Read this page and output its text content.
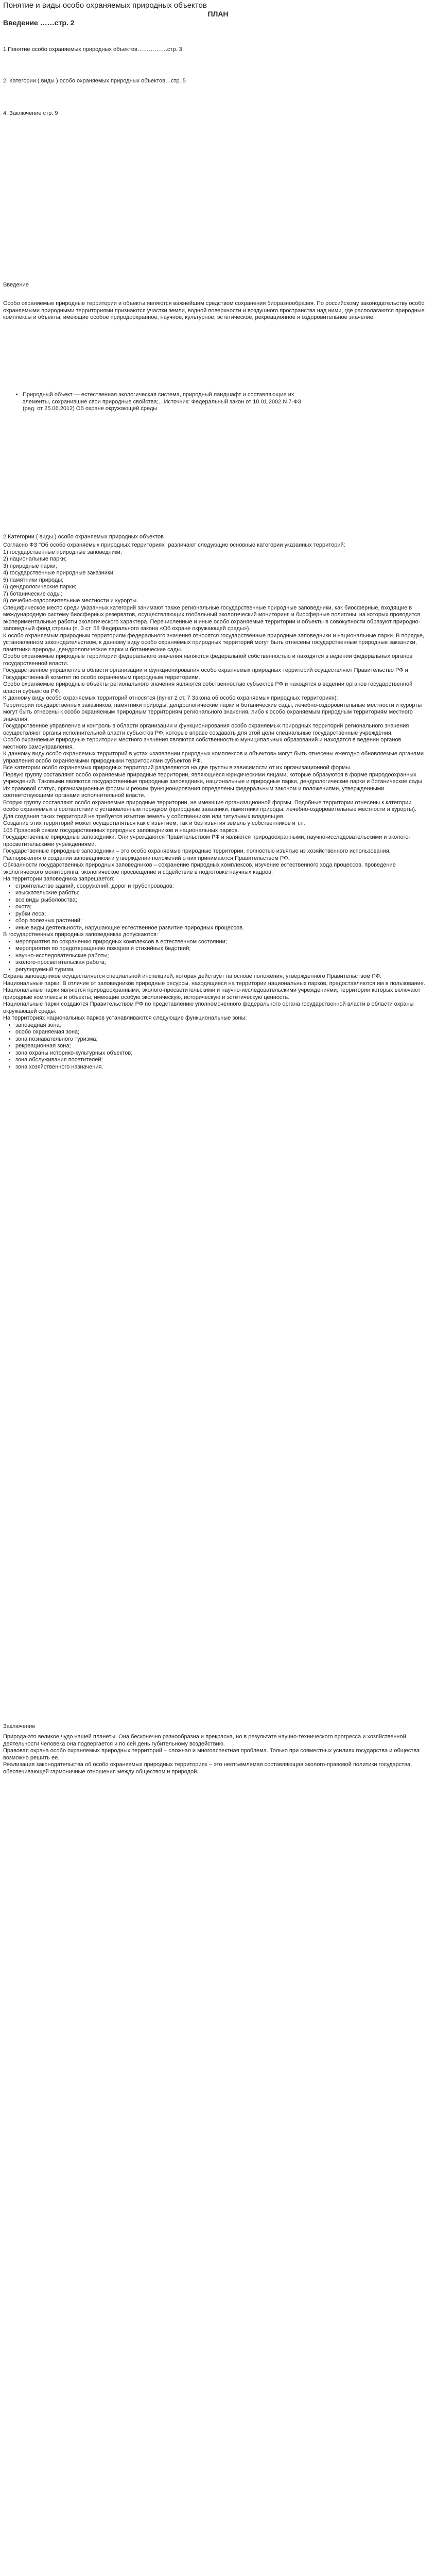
Понятие и виды особо охраняемых природных объектов
ПЛАН
Введение ……стр. 2
1.Понятие особо охраняемых природных объектов…………….стр. 3
2. Категории ( виды ) особо охраняемых природных объектов…стр. 5
4. Заключение стр. 9
Введение

Особо охраняемые природные территории и объекты являются важнейшим средством сохранения биоразнообразия. По российскому законодательству особо охраняемыми природными территориями признаются участки земли, водной поверхности и воздушного пространства над ними, где располагаются природные комплексы и объекты, имеющие особое природоохранное, научное, культурное, эстетическое, рекреационное и оздоровительное значение.

• Природный объект — естественная экологическая система, природный ландшафт и составляющие их элементы, сохранившие свои природные свойства;…Источник: Федеральный закон от 10.01.2002 N 7-ФЗ (ред. от 25.06.2012) Об охране окружающей среды
2.Категории ( виды ) особо охраняемых природных объектов

Согласно ФЗ "Об особо охраняемых природных территориях" различают следующие основные категории указанных территорий:

1) государственные природные заповедники;
2) национальные парки;
3) природные парки;
4) государственные природные заказники;
5) памятники природы;
6) дендрологические парки;
7) ботанические сады;
8) лечебно-оздоровительные местности и курорты.

Специфическое место среди указанных категорий занимают также региональные государственные природные заповедники, как биосферные, входящие в международную систему биосферных резерватов, осуществляющих глобальный экологический мониторинг, и биосферные полигоны, на которых проводится экспериментальные работы экологического характера. Перечисленные и иные особо охраняемые территории и объекты в совокупности образуют природно-заповедный фонд страны (п. 3 ст. 58 Федерального закона «Об охране окружающей среды»).

К особо охраняемым природным территориям федерального значения относятся государственные природные заповедники и национальные парки. В порядке, установленном законодательством, к данному виду особо охраняемых природных территорий могут быть отнесены государственные природные заказники, памятники природы, дендрологические парки и ботанические сады.

Особо охраняемые природные территории федерального значения являются федеральной собственностью и находятся в ведении федеральных органов государственной власти.

Государственное управление в области организации и функционирования особо охраняемых природных территорий осуществляют Правительство РФ и Государственный комитет по особо охраняемым природным территориям.

Особо охраняемые природные объекты регионального значения являются собственностью субъектов РФ и находятся в ведении органов государственной власти субъектов РФ.

К данному виду особо охраняемых территорий относятся (пункт 2 ст. 7 Закона об особо охраняемых природных территориях):

Территории государственных заказников, памятники природы, дендрологические парки и ботанические сады, лечебно-оздоровительные местности и курорты могут быть отнесены к особо охраняемым природным территориям регионального значения, либо к особо охраняемым природным территориям местного значения.

Государственное управление и контроль в области организации и функционирования особо охраняемых природных территорий регионального значения осуществляют органы исполнительной власти субъектов РФ, которые вправе создавать для этой цели специальные государственные учреждения.

Особо охраняемые природные территории местного значения являются собственностью муниципальных образований и находятся в ведении органов местного самоуправления.

К данному виду особо охраняемых территорий в устах «заявлении природных комплексов и объектов» могут быть отнесены ежегодно обновляемые органами управления особо охраняемыми природными территориями субъектов РФ.

Все категории особо охраняемых природных территорий разделяются на две группы в зависимости от их организационной формы.

Первую группу составляют особо охраняемые природные территории, являющиеся юридическими лицами, которые образуются в форме природоохранных учреждений. Таковыми являются государственные природные заповедники, национальные и природные парки, дендрологические парки и ботанические сады.

Их правовой статус, организационные формы и режим функционирования определены федеральным законом и положениями, утвержденными соответствующими органами исполнительной власти.

Вторую группу составляют особо охраняемые природные территории, не имеющие организационной формы. Подобные территории отнесены к категории особо охраняемых в соответствии с установленным порядком (природные заказники, памятники природы, лечебно-оздоровительные местности и курорты).

Для создания таких территорий не требуется изъятие земель у собственников или титульных владельцев.

Создание этих территорий может осуществляться как с изъятием, так и без изъятия земель у собственников и т.п.

105 Правовой режим государственных природных заповедников и национальных парков.

Государственные природные заповедники. Они учреждаются Правительством РФ и являются природоохранными, научно-исследовательскими и эколого-просветительскими учреждениями.

Государственные природные заповедники – это особо охраняемые природные территории, полностью изъятые из хозяйственного использования. Распоряжения о создании заповедников и утверждении положений о них принимаются Правительством РФ.

Обязанности государственных природных заповедников – сохранение природных комплексов, изучение естественного хода процессов, проведение экологического мониторинга, экологическое просвещение и содействие в подготовке научных кадров.

На территории заповедника запрещается:

• строительство зданий, сооружений, дорог и трубопроводов;
• изыскательские работы;
• все виды рыболовства;
• охота;
• рубки леса;
• сбор полезных растений;
• иные виды деятельности, нарушающие естественное развитие природных процессов.

В государственных природных заповедниках допускаются:

• мероприятия по сохранению природных комплексов в естественном состоянии;
• мероприятия по предотвращению пожаров и стихийных бедствий;
• научно-исследовательские работы;
• эколого-просветительская работа;
• регулируемый туризм.

Охрана заповедников осуществляется специальной инспекцией, которая действует на основе положения, утвержденного Правительством РФ.

Национальные парки. В отличие от заповедников природные ресурсы, находящиеся на территории национальных парков, предоставляются им в пользование. Национальные парки являются природоохранными, эколого-просветительскими и научно-исследовательскими учреждениями, территории которых включают природные комплексы и объекты, имеющие особую экологическую, историческую и эстетическую ценность.

Национальные парки создаются Правительством РФ по представлению уполномоченного федерального органа государственной власти в области охраны окружающей среды.

На территориях национальных парков устанавливаются следующие функциональные зоны:

• заповедная зона;
• особо охраняемая зона;
• зона познавательного туризма;
• рекреационная зона;
• зона охраны историко-культурных объектов;
• зона обслуживания посетителей;
• зона хозяйственного назначения.
Заключение

Природа-это великое чудо нашей планеты. Она бесконечно разнообразна и прекрасна, но в результате научно-технического прогресса и хозяйственной деятельности человека она подвергается и по сей день губительному воздействию.

Правовая охрана особо охраняемых природных территорий – сложная и многоаспектная проблема. Только при совместных усилиях государства и общества возможно решить ее.

Реализация законодательства об особо охраняемых природных территориях – это неотъемлемая составляющая эколого-правовой политики государства, обеспечивающей гармоничные отношения между обществом и природой.
